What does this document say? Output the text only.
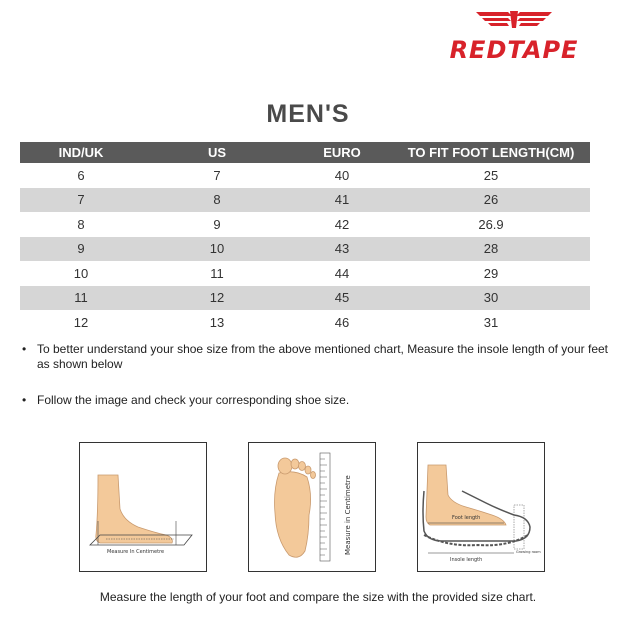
REDTAPE
MEN'S
IND/UK	US	EURO	TO FIT FOOT LENGTH(CM)
6	7	40	25
7	8	41	26
8	9	42	26.9
9	10	43	28
10	11	44	29
11	12	45	30
12	13	46	31
• To better understand your shoe size from the above mentioned chart, Measure the insole length of your feet as shown below
• Follow the image and check your corresponding shoe size.
Measure In Centimetre	Measure in Centimetre	Foot length
Insole length
Growing room
Measure the length of your foot and compare the size with the provided size chart.
